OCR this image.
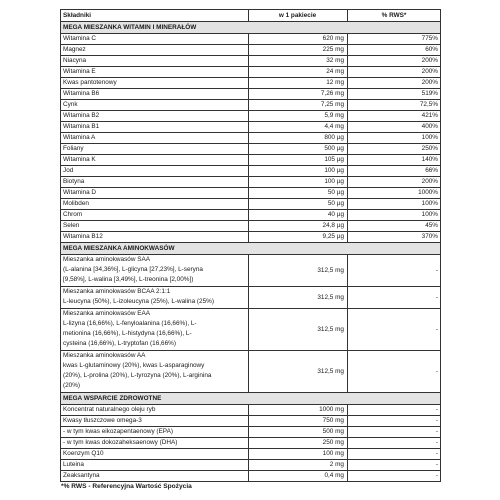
Składniki	w 1 pakiecie	% RWS*
MEGA MIESZANKA WITAMIN I MINERAŁÓW		
Witamina C	620 mg	775%
Magnez	225 mg	60%
Niacyna	32 mg	200%
Witamina E	24 mg	200%
Kwas pantotenowy	12 mg	200%
Witamina B6	7,26 mg	519%
Cynk	7,25 mg	72,5%
Witamina B2	5,9 mg	421%
Witamina B1	4,4 mg	400%
Witamina A	800 µg	100%
Foliany	500 µg	250%
Witamina K	105 µg	140%
Jod	100 µg	66%
Biotyna	100 µg	200%
Witamina D	50 µg	1000%
Molibden	50 µg	100%
Chrom	40 µg	100%
Selen	24,8 µg	45%
Witamina B12	9,25 µg	370%
MEGA MIESZANKA AMINOKWASÓW		

Mieszanka aminokwasów SAA
(L-alanina [34,36%], L-glicyna [27,23%], L-seryna
[9,58%], L-walina [3,49%], L-treonina [2,00%])	312,5 mg	-

Mieszanka aminokwasów BCAA 2:1:1
L-leucyna (50%), L-izoleucyna (25%), L-walina (25%)	312,5 mg	-

Mieszanka aminokwasów EAA
L-lizyna (16,66%), L-fenyloalanina (16,66%), L-
metionina (16,66%), L-histydyna (16,66%), L-
cysteina (16,66%), L-tryptofan (16,66%)	312,5 mg	-

Mieszanka aminokwasów AA
kwas L-glutaminowy (20%), kwas L-asparaginowy
(20%), L-prolina (20%), L-tyrozyna (20%), L-arginina
(20%)	312,5 mg	-
MEGA WSPARCIE ZDROWOTNE		
Koncentrat naturalnego oleju ryb	1000 mg	-
Kwasy tłuszczowe omega-3	750 mg	-
- w tym kwas eikozapentaenowy (EPA)	500 mg	-
- w tym kwas dokozaheksaenowy (DHA)	250 mg	-
Koenzym Q10	100 mg	-
Luteina	2 mg	-
Zeaksantyna	0,4 mg	-
*% RWS - Referencyjna Wartość Spożycia
